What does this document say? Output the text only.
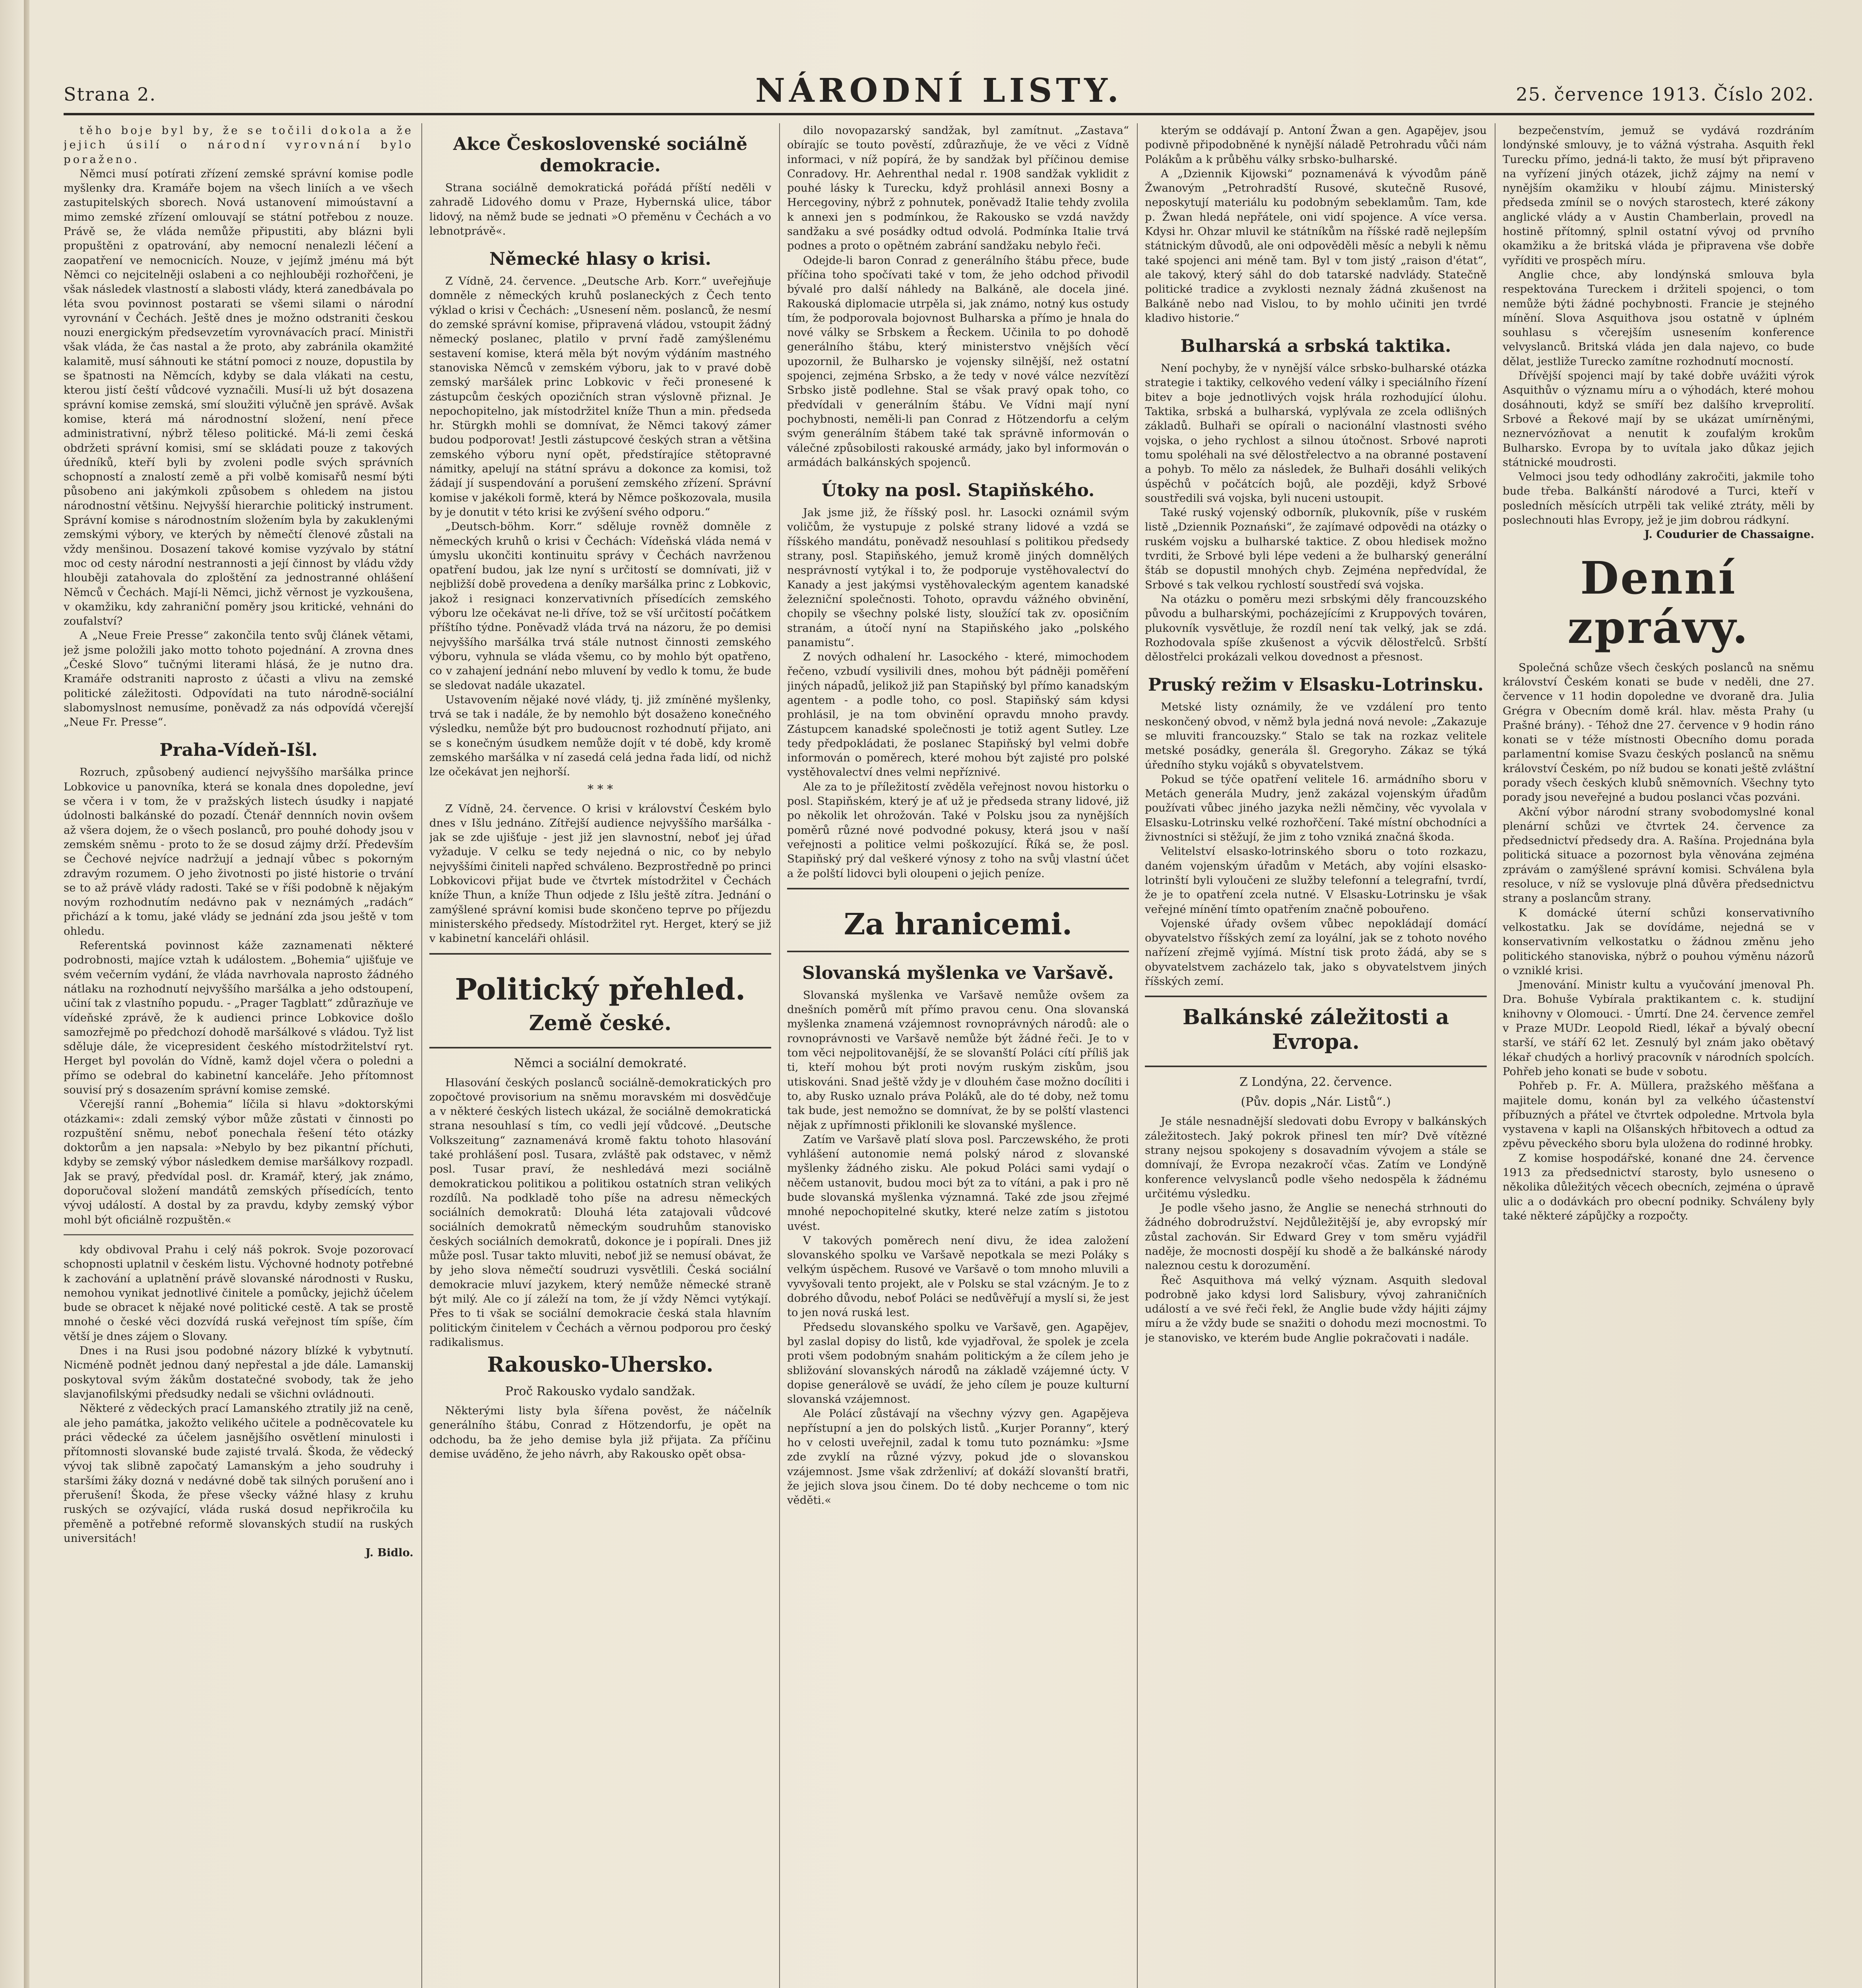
Strana 2.	NÁRODNÍ LISTY.	25. července 1913. Číslo 202.

těho boje byl by, že se točili dokola a že jejich úsilí o národní vyrovnání bylo poraženo.

Němci musí potírati zřízení zemské správní komise podle myšlenky dra. Kramáře bojem na všech liniích a ve všech zastupitelských sborech. Nová ustanovení mimoústavní a mimo zemské zřízení omlouvají se státní potřebou z nouze. Právě se, že vláda nemůže připustiti, aby blázni byli propuštěni z opatrování, aby nemocní nenalezli léčení a zaopatření ve nemocnicích. Nouze, v jejímž jménu má být Němci co nejcitelněji oslabeni a co nejhlouběji rozhořčeni, je však následek vlastností a slabosti vlády, která zanedbávala po léta svou povinnost postarati se všemi silami o národní vyrovnání v Čechách. Ještě dnes je možno odstraniti českou nouzi energickým předsevzetím vyrovnávacích prací. Ministři však vláda, že čas nastal a že proto, aby zabránila okamžité kalamitě, musí sáhnouti ke státní pomoci z nouze, dopustila by se špatnosti na Němcích, kdyby se dala vlákati na cestu, kterou jistí čeští vůdcové vyznačili. Musí-li už být dosazena správní komise zemská, smí sloužiti výlučně jen správě. Avšak komise, která má národnostní složení, není přece administrativní, nýbrž těleso politické. Má-li zemi česká obdržeti správní komisi, smí se skládati pouze z takových úředníků, kteří byli by zvoleni podle svých správních schopností a znalostí země a při volbě komisařů nesmí býti působeno ani jakýmkoli způsobem s ohledem na jistou národnostní většinu. Nejvyšší hierarchie politický instrument. Správní komise s národnostním složením byla by zakuklenými zemskými výbory, ve kterých by němečtí členové zůstali na vždy menšinou. Dosazení takové komise vyzývalo by státní moc od cesty národní nestrannosti a její činnost by vládu vždy hlouběji zatahovala do zploštění za jednostranné ohlášení Němců v Čechách. Mají-li Němci, jichž věrnost je vyzkoušena, v okamžiku, kdy zahraniční poměry jsou kritické, vehnáni do zoufalství?

A „Neue Freie Presse“ zakončila tento svůj článek větami, jež jsme položili jako motto tohoto pojednání. A zrovna dnes „České Slovo“ tučnými literami hlásá, že je nutno dra. Kramáře odstraniti naprosto z účasti a vlivu na zemské politické záležitosti. Odpovídati na tuto národně-sociální slabomyslnost nemusíme, poněvadž za nás odpovídá včerejší „Neue Fr. Presse“.

Praha-Vídeň-Išl.

Rozruch, způsobený audiencí nejvyššího maršálka prince Lobkovice u panovníka, která se konala dnes dopoledne, jeví se včera i v tom, že v pražských listech úsudky i napjaté údolnosti balkánské do pozadí. Čtenář dennních novin ovšem až všera dojem, že o všech poslanců, pro pouhé dohody jsou v zemském sněmu - proto to že se dosud zájmy drží. Především se Čechové nejvíce nadržují a jednají vůbec s pokorným zdravým rozumem. O jeho životnosti po jisté historie o trvání se to až právě vlády radosti. Také se v říši podobně k nějakým novým rozhodnutím nedávno pak v neznámých „radách“ přichází a k tomu, jaké vlády se jednání zda jsou ještě v tom ohledu.

Referentská povinnost káže zaznamenati některé podrobnosti, majíce vztah k událostem. „Bohemia“ ujišťuje ve svém večerním vydání, že vláda navrhovala naprosto žádného nátlaku na rozhodnutí nejvyššího maršálka a jeho odstoupení, učiní tak z vlastního popudu. - „Prager Tagblatt“ zdůrazňuje ve vídeňské zprávě, že k audienci prince Lobkovice došlo samozřejmě po předchozí dohodě maršálkové s vládou. Tyž list sděluje dále, že vicepresident českého místodržitelství ryt. Herget byl povolán do Vídně, kamž dojel včera o poledni a přímo se odebral do kabinetní kanceláře. Jeho přítomnost souvisí prý s dosazením správní komise zemské.

Včerejší ranní „Bohemia“ líčila si hlavu »doktorskými otázkami«: zdali zemský výbor může zůstati v činnosti po rozpuštění sněmu, neboť ponechala řešení této otázky doktorům a jen napsala: »Nebylo by bez pikantní příchuti, kdyby se zemský výbor následkem demise maršálkovy rozpadl. Jak se pravý, předvídal posl. dr. Kramář, který, jak známo, doporučoval složení mandátů zemských přísedících, tento vývoj událostí. A dostal by za pravdu, kdyby zemský výbor mohl být oficiálně rozpuštěn.«

kdy obdivoval Prahu i celý náš pokrok. Svoje pozorovací schopnosti uplatnil v českém listu. Výchovné hodnoty potřebné k zachování a uplatnění právě slovanské národnosti v Rusku, nemohou vynikat jednotlivé činitele a pomůcky, jejichž účelem bude se obracet k nějaké nové politické cestě. A tak se prostě mnohé o české věci dozvídá ruská veřejnost tím spíše, čím větší je dnes zájem o Slovany.

Dnes i na Rusi jsou podobné názory blízké k vybytnutí. Nicméně podnět jednou daný nepřestal a jde dále. Lamanskij poskytoval svým žákům dostatečné svobody, tak že jeho slavjanofilskými předsudky nedali se všichni ovládnouti.

Některé z vědeckých prací Lamanského ztratily již na ceně, ale jeho památka, jakožto velikého učitele a podněcovatele ku práci vědecké za účelem jasnějšího osvětlení minulosti i přítomnosti slovanské bude zajisté trvalá. Škoda, že vědecký vývoj tak slibně započatý Lamanským a jeho soudruhy i staršími žáky dozná v nedávné době tak silných porušení ano i přerušení! Škoda, že přese všecky vážné hlasy z kruhu ruských se ozývající, vláda ruská dosud nepřikročila ku přeměně a potřebné reformě slovanských studií na ruských universitách!

J. Bidlo.
Akce Československé sociálně demokracie.

Strana sociálně demokratická pořádá příští neděli v zahradě Lidového domu v Praze, Hybernská ulice, tábor lidový, na němž bude se jednati »O přeměnu v Čechách a vo lebnotprávě«.

Německé hlasy o krisi.

Z Vídně, 24. července. „Deutsche Arb. Korr.“ uveřejňuje domněle z německých kruhů poslaneckých z Čech tento výklad o krisi v Čechách: „Usnesení něm. poslanců, že nesmí do zemské správní komise, připravená vládou, vstoupit žádný německý poslanec, platilo v první řadě zamýšlenému sestavení komise, která měla být novým výdáním mastného stanoviska Němců v zemském výboru, jak to v pravé době zemský maršálek princ Lobkovic v řeči pronesené k zástupcům českých opozičních stran výslovně přiznal. Je nepochopitelno, jak místodržitel kníže Thun a min. předseda hr. Stürgkh mohli se domnívat, že Němci takový zámer budou podporovat! Jestli zástupcové českých stran a většina zemského výboru nyní opět, předstírajíce stětopravné námitky, apelují na státní správu a dokonce za komisi, tož žádají jí suspendování a porušení zemského zřízení. Správní komise v jakékoli formě, která by Němce poškozovala, musila by je donutit v této krisi ke zvýšení svého odporu.“

„Deutsch-böhm. Korr.“ sděluje rovněž domněle z německých kruhů o krisi v Čechách: Vídeňská vláda nemá v úmyslu ukončiti kontinuitu správy v Čechách navrženou opatření budou, jak lze nyní s určitostí se domnívati, již v nejbližší době provedena a deníky maršálka princ z Lobkovic, jakož i resignaci konzervativních přísedících zemského výboru lze očekávat ne-li dříve, tož se vší určitostí počátkem příštího týdne. Poněvadž vláda trvá na názoru, že po demisi nejvyššího maršálka trvá stále nutnost činnosti zemského výboru, vyhnula se vláda všemu, co by mohlo být opatřeno, co v zahajení jednání nebo mluvení by vedlo k tomu, že bude se sledovat nadále ukazatel.

Ustavovením nějaké nové vlády, tj. již zmíněné myšlenky, trvá se tak i nadále, že by nemohlo být dosaženo konečného výsledku, nemůže být pro budoucnost rozhodnutí přijato, ani se s konečným úsudkem nemůže dojít v té době, kdy kromě zemského maršálka v ní zasedá celá jedna řada lidí, od nichž lze očekávat jen nejhorší.

* * *

Z Vídně, 24. července. O krisi v království Českém bylo dnes v Išlu jednáno. Zítřejší audience nejvyššího maršálka - jak se zde ujišťuje - jest již jen slavnostní, neboť jej úřad vyžaduje. V celku se tedy nejedná o nic, co by nebylo nejvyššími činiteli napřed schváleno. Bezprostředně po princi Lobkovicovi přijat bude ve čtvrtek místodržitel v Čechách kníže Thun, a kníže Thun odjede z Išlu ještě zítra. Jednání o zamýšlené správní komisi bude skončeno teprve po příjezdu ministerského předsedy. Místodržitel ryt. Herget, který se již v kabinetní kanceláři ohlásil.

Politický přehled.
Země české.
Němci a sociální demokraté.

Hlasování českých poslanců sociálně-demokratických pro zopočtové provisorium na sněmu moravském mi dosvědčuje a v některé českých listech ukázal, že sociálně demokratická strana nesouhlasí s tím, co vedli její vůdcové. „Deutsche Volkszeitung“ zaznamenává kromě faktu tohoto hlasování také prohlášení posl. Tusara, zvláště pak odstavec, v němž posl. Tusar praví, že neshledává mezi sociálně demokratickou politikou a politikou ostatních stran velikých rozdílů. Na podkladě toho píše na adresu německých sociálních demokratů: Dlouhá léta zatajovali vůdcové sociálních demokratů německým soudruhům stanovisko českých sociálních demokratů, dokonce je i popírali. Dnes již může posl. Tusar takto mluviti, neboť již se nemusí obávat, že by jeho slova němečtí soudruzi vysvětlili. Česká sociální demokracie mluví jazykem, který nemůže německé straně být milý. Ale co jí záleží na tom, že jí vždy Němci vytýkají. Přes to ti však se sociální demokracie česká stala hlavním politickým činitelem v Čechách a věrnou podporou pro český radikalismus.

Rakousko-Uhersko.
Proč Rakousko vydalo sandžak.

Některými listy byla šířena pověst, že náčelník generálního štábu, Conrad z Hötzendorfu, je opět na odchodu, ba že jeho demise byla již přijata. Za příčinu demise uváděno, že jeho návrh, aby Rakousko opět obsa-

dilo novopazarský sandžak, byl zamítnut. „Zastava“ obírajíc se touto pověstí, zdůrazňuje, že ve věci z Vídně informaci, v níž popírá, že by sandžak byl příčinou demise Conradovy. Hr. Aehrenthal nedal r. 1908 sandžak vyklidit z pouhé lásky k Turecku, když prohlásil annexi Bosny a Hercegoviny, nýbrž z pohnutek, poněvadž Italie tehdy zvolila k annexi jen s podmínkou, že Rakousko se vzdá navždy sandžaku a své posádky odtud odvolá. Podmínka Italie trvá podnes a proto o opětném zabrání sandžaku nebylo řeči.

Odejde-li baron Conrad z generálního štábu přece, bude příčina toho spočívati také v tom, že jeho odchod přivodil bývalé pro další náhledy na Balkáně, ale docela jiné. Rakouská diplomacie utrpěla si, jak známo, notný kus ostudy tím, že podporovala bojovnost Bulharska a přímo je hnala do nové války se Srbskem a Řeckem. Učinila to po dohodě generálního štábu, který ministerstvo vnějších věcí upozornil, že Bulharsko je vojensky silnější, než ostatní spojenci, zejména Srbsko, a že tedy v nové válce nezvítězí Srbsko jistě podlehne. Stal se však pravý opak toho, co předvídali v generálním štábu. Ve Vídni mají nyní pochybnosti, neměli-li pan Conrad z Hötzendorfu a celým svým generálním štábem také tak správně informován o válečné způsobilosti rakouské armády, jako byl informován o armádách balkánských spojenců.

Útoky na posl. Stapiňského.

Jak jsme již, že říšský posl. hr. Lasocki oznámil svým voličům, že vystupuje z polské strany lidové a vzdá se říšského mandátu, poněvadž nesouhlasí s politikou předsedy strany, posl. Stapiňského, jemuž kromě jiných domnělých nesprávností vytýkal i to, že podporuje vystěhovalectví do Kanady a jest jakýmsi vystěhovaleckým agentem kanadské železniční společnosti. Tohoto, opravdu vážného obvinění, chopily se všechny polské listy, sloužící tak zv. oposičním stranám, a útočí nyní na Stapiňského jako „polského panamistu“.

Z nových odhalení hr. Lasockého - které, mimochodem řečeno, vzbudí vysilivili dnes, mohou být pádněji poměření jiných nápadů, jelikož již pan Stapiňský byl přímo kanadským agentem - a podle toho, co posl. Stapiňský sám kdysi prohlásil, je na tom obvinění opravdu mnoho pravdy. Zástupcem kanadské společnosti je totiž agent Sutley. Lze tedy předpokládati, že poslanec Stapiňský byl velmi dobře informován o poměrech, které mohou být zajisté pro polské vystěhovalectví dnes velmi nepříznivé.

Ale za to je příležitostí zvěděla veřejnost novou historku o posl. Stapiňském, který je ať už je předseda strany lidové, již po několik let ohrožován. Také v Polsku jsou za nynějších poměrů různé nové podvodné pokusy, která jsou v naší veřejnosti a politice velmi poškozující. Říká se, že posl. Stapiňský prý dal veškeré výnosy z toho na svůj vlastní účet a že polští lidovci byli oloupeni o jejich peníze.

Za hranicemi.
Slovanská myšlenka ve Varšavě.

Slovanská myšlenka ve Varšavě nemůže ovšem za dnešních poměrů mít přímo pravou cenu. Ona slovanská myšlenka znamená vzájemnost rovnoprávných národů: ale o rovnoprávnosti ve Varšavě nemůže být žádné řeči. Je to v tom věci nejpolitovanější, že se slovanští Poláci cítí příliš jak ti, kteří mohou být proti novým ruským ziskům, jsou utiskováni. Snad ještě vždy je v dlouhém čase možno docíliti i to, aby Rusko uznalo práva Poláků, ale do té doby, než tomu tak bude, jest nemožno se domnívat, že by se polští vlastenci nějak z upřímnosti přiklonili ke slovanské myšlence.

Zatím ve Varšavě platí slova posl. Parczewského, že proti vyhlášení autonomie nemá polský národ z slovanské myšlenky žádného zisku. Ale pokud Poláci sami vydají o něčem ustanovit, budou moci být za to vítáni, a pak i pro ně bude slovanská myšlenka významná. Také zde jsou zřejmé mnohé nepochopitelné skutky, které nelze zatím s jistotou uvést.

V takových poměrech není divu, že idea založení slovanského spolku ve Varšavě nepotkala se mezi Poláky s velkým úspěchem. Rusové ve Varšavě o tom mnoho mluvili a vyvyšovali tento projekt, ale v Polsku se stal vzácným. Je to z dobrého důvodu, neboť Poláci se nedůvěřují a myslí si, že jest to jen nová ruská lest.

Předsedu slovanského spolku ve Varšavě, gen. Agapějev, byl zaslal dopisy do listů, kde vyjadřoval, že spolek je zcela proti všem podobným snahám politickým a že cílem jeho je sbližování slovanských národů na základě vzájemné úcty. V dopise generálově se uvádí, že jeho cílem je pouze kulturní slovanská vzájemnost.

Ale Polácí zůstávají na všechny výzvy gen. Agapějeva nepřístupní a jen do polských listů. „Kurjer Poranny“, který ho v celosti uveřejnil, zadal k tomu tuto poznámku: »Jsme zde zvyklí na různé výzvy, pokud jde o slovanskou vzájemnost. Jsme však zdrženliví; ať dokáží slovanští bratři, že jejich slova jsou činem. Do té doby nechceme o tom nic věděti.«

kterým se oddávají p. Antoní Žwan a gen. Agapějev, jsou podivně připodobněné k nynější náladě Petrohradu vůči nám Polákům a k průběhu války srbsko-bulharské.

A „Dziennik Kijowski“ poznamenává k vývodům páně Žwanovým „Petrohradští Rusové, skutečně Rusové, neposkytují materiálu ku podobným sebeklamům. Tam, kde p. Žwan hledá nepřátele, oni vidí spojence. A více versa. Kdysi hr. Ohzar mluvil ke státníkům na říšské radě nejlepším státnickým důvodů, ale oni odpověděli měsíc a nebyli k němu také spojenci ani méně tam. Byl v tom jistý „raison d'état“, ale takový, který sáhl do dob tatarské nadvlády. Statečně politické tradice a zvyklosti neznaly žádná zkušenost na Balkáně nebo nad Vislou, to by mohlo učiniti jen tvrdé kladivo historie.“

Bulharská a srbská taktika.

Není pochyby, že v nynější válce srbsko-bulharské otázka strategie i taktiky, celkového vedení války i speciálního řízení bitev a boje jednotlivých vojsk hrála rozhodující úlohu. Taktika, srbská a bulharská, vyplývala ze zcela odlišných základů. Bulhaři se opírali o nacionální vlastnosti svého vojska, o jeho rychlost a silnou útočnost. Srbové naproti tomu spoléhali na své dělostřelectvo a na obranné postavení a pohyb. To mělo za následek, že Bulhaři dosáhli velikých úspěchů v počátcích bojů, ale později, když Srbové soustředili svá vojska, byli nuceni ustoupit.

Také ruský vojenský odborník, plukovník, píše v ruském listě „Dziennik Poznański“, že zajímavé odpovědi na otázky o ruském vojsku a bulharské taktice. Z obou hledisek možno tvrditi, že Srbové byli lépe vedeni a že bulharský generální štáb se dopustil mnohých chyb. Zejména nepředvídal, že Srbové s tak velkou rychlostí soustředí svá vojska.

Na otázku o poměru mezi srbskými děly francouzského původu a bulharskými, pocházejícími z Kruppových továren, plukovník vysvětluje, že rozdíl není tak velký, jak se zdá. Rozhodovala spíše zkušenost a výcvik dělostřelců. Srbští dělostřelci prokázali velkou dovednost a přesnost.

Pruský režim v Elsasku-Lotrinsku.

Metské listy oznámily, že ve vzdálení pro tento neskončený obvod, v němž byla jedná nová nevole: „Zakazuje se mluviti francouzsky.“ Stalo se tak na rozkaz velitele metské posádky, generála šl. Gregoryho. Zákaz se týká úředního styku vojáků s obyvatelstvem.

Pokud se týče opatření velitele 16. armádního sboru v Metách generála Mudry, jenž zakázal vojenským úřadům používati vůbec jiného jazyka nežli němčiny, věc vyvolala v Elsasku-Lotrinsku velké rozhořčení. Také místní obchodníci a živnostníci si stěžují, že jim z toho vzniká značná škoda.

Velitelství elsasko-lotrinského sboru o toto rozkazu, daném vojenským úřadům v Metách, aby vojíni elsasko-lotrinští byli vyloučeni ze služby telefonní a telegrafní, tvrdí, že je to opatření zcela nutné. V Elsasku-Lotrinsku je však veřejné mínění tímto opatřením značně pobouřeno.

Vojenské úřady ovšem vůbec nepokládají domácí obyvatelstvo říšských zemí za loyální, jak se z tohoto nového nařízení zřejmě vyjímá. Místní tisk proto žádá, aby se s obyvatelstvem zacházelo tak, jako s obyvatelstvem jiných říšských zemí.

Balkánské záležitosti a Evropa.
Z Londýna, 22. července.
(Pův. dopis „Nár. Listů“.)

Je stále nesnadnější sledovati dobu Evropy v balkánských záležitostech. Jaký pokrok přinesl ten mír? Dvě vítězné strany nejsou spokojeny s dosavadním vývojem a stále se domnívají, že Evropa nezakročí včas. Zatím ve Londýně konference velvyslanců podle všeho nedospěla k žádnému určitému výsledku.

Je podle všeho jasno, že Anglie se nenechá strhnouti do žádného dobrodružství. Nejdůležitější je, aby evropský mír zůstal zachován. Sir Edward Grey v tom směru vyjádřil naděje, že mocnosti dospějí ku shodě a že balkánské národy naleznou cestu k dorozumění.

Řeč Asquithova má velký význam. Asquith sledoval podrobně jako kdysi lord Salisbury, vývoj zahraničních událostí a ve své řeči řekl, že Anglie bude vždy hájiti zájmy míru a že vždy bude se snažiti o dohodu mezi mocnostmi. To je stanovisko, ve kterém bude Anglie pokračovati i nadále.

bezpečenstvím, jemuž se vydává rozdráním londýnské smlouvy, je to vážná výstraha. Asquith řekl Turecku přímo, jedná-li takto, že musí být připraveno na vyřízení jiných otázek, jichž zájmy na nemí v nynějším okamžiku v hloubí zájmu. Ministerský předseda zmínil se o nových starostech, které zákony anglické vlády a v Austin Chamberlain, provedl na hostině přítomný, splnil ostatní vývoj od prvního okamžiku a že britská vláda je připravena vše dobře vyříditi ve prospěch míru.

Anglie chce, aby londýnská smlouva byla respektována Tureckem i držiteli spojenci, o tom nemůže býti žádné pochybnosti. Francie je stejného mínění. Slova Asquithova jsou ostatně v úplném souhlasu s včerejším usnesením konference velvyslanců. Britská vláda jen dala najevo, co bude dělat, jestliže Turecko zamítne rozhodnutí mocností.

Dřívější spojenci mají by také dobře uvážiti výrok Asquithův o významu míru a o výhodách, které mohou dosáhnouti, když se smíří bez dalšího krveprolití. Srbové a Řekové mají by se ukázat umírněnými, neznervózňovat a nenutit k zoufalým krokům Bulharsko. Evropa by to uvítala jako důkaz jejich státnické moudrosti.

Velmoci jsou tedy odhodlány zakročiti, jakmile toho bude třeba. Balkánští národové a Turci, kteří v posledních měsících utrpěli tak veliké ztráty, měli by poslechnouti hlas Evropy, jež je jim dobrou rádkyní.

J. Coudurier de Chassaigne.
Denní zprávy.

Společná schůze všech českých poslanců na sněmu království Českém konati se bude v neděli, dne 27. července v 11 hodin dopoledne ve dvoraně dra. Julia Grégra v Obecním domě král. hlav. města Prahy (u Prašné brány). - Téhož dne 27. července v 9 hodin ráno konati se v téže místnosti Obecního domu porada parlamentní komise Svazu českých poslanců na sněmu království Českém, po níž budou se konati ještě zvláštní porady všech českých klubů sněmovních. Všechny tyto porady jsou neveřejné a budou poslanci včas pozváni.

Akční výbor národní strany svobodomyslné konal plenární schůzi ve čtvrtek 24. července za předsednictví předsedy dra. A. Rašína. Projednána byla politická situace a pozornost byla věnována zejména zprávám o zamýšlené správní komisi. Schválena byla resoluce, v níž se vyslovuje plná důvěra předsednictvu strany a poslancům strany.

K domácké úterní schůzi konservativního velkostatku. Jak se dovídáme, nejedná se v konservativním velkostatku o žádnou změnu jeho politického stanoviska, nýbrž o pouhou výměnu názorů o vzniklé krisi.

Jmenování. Ministr kultu a vyučování jmenoval Ph. Dra. Bohuše Vybírala praktikantem c. k. studijní knihovny v Olomouci. - Úmrtí. Dne 24. července zemřel v Praze MUDr. Leopold Riedl, lékař a bývalý obecní starší, ve stáří 62 let. Zesnulý byl znám jako obětavý lékař chudých a horlivý pracovník v národních spolcích. Pohřeb jeho konati se bude v sobotu.

Pohřeb p. Fr. A. Müllera, pražského měšťana a majitele domu, konán byl za velkého účastenství příbuzných a přátel ve čtvrtek odpoledne. Mrtvola byla vystavena v kapli na Olšanských hřbitovech a odtud za zpěvu pěveckého sboru byla uložena do rodinné hrobky.

Z komise hospodářské, konané dne 24. července 1913 za předsednictví starosty, bylo usneseno o několika důležitých věcech obecních, zejména o úpravě ulic a o dodávkách pro obecní podniky. Schváleny byly také některé zápůjčky a rozpočty.
